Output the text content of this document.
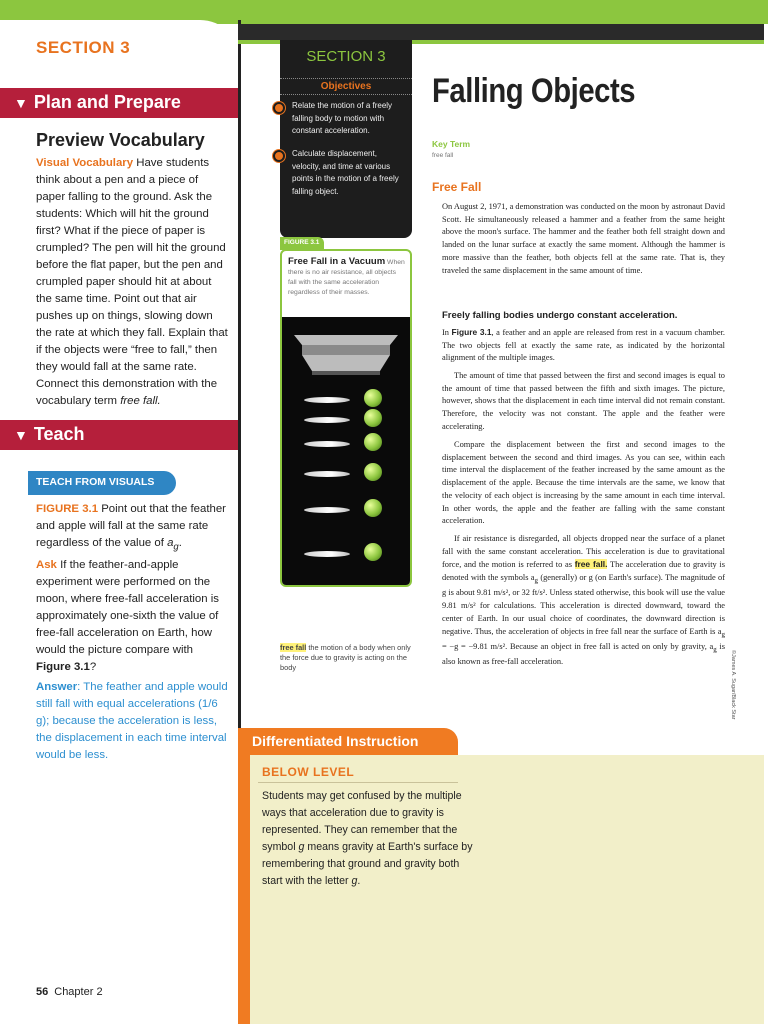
SECTION 3
▼ Plan and Prepare
Preview Vocabulary
Visual Vocabulary Have students think about a pen and a piece of paper falling to the ground. Ask the students: Which will hit the ground first? What if the piece of paper is crumpled? The pen will hit the ground before the flat paper, but the pen and crumpled paper should hit at about the same time. Point out that air pushes up on things, slowing down the rate at which they fall. Explain that if the objects were “free to fall,” then they would fall at the same rate. Connect this demonstration with the vocabulary term free fall.
▼ Teach
TEACH FROM VISUALS
FIGURE 3.1 Point out that the feather and apple will fall at the same rate regardless of the value of $a_g$.
Ask If the feather-and-apple experiment were performed on the moon, where free-fall acceleration is approximately one-sixth the value of free-fall acceleration on Earth, how would the picture compare with Figure 3.1?
Answer: The feather and apple would still fall with equal accelerations (1/6 g); because the acceleration is less, the displacement in each time interval would be less.
56 Chapter 2
SECTION 3
Objectives
Relate the motion of a freely falling body to motion with constant acceleration.
Calculate displacement, velocity, and time at various points in the motion of a freely falling object.
Falling Objects
Key Term
free fall
Free Fall
On August 2, 1971, a demonstration was conducted on the moon by astronaut David Scott. He simultaneously released a hammer and a feather from the same height above the moon's surface. The hammer and the feather both fell straight down and landed on the lunar surface at exactly the same moment. Although the hammer is more massive than the feather, both objects fell at the same rate. That is, they traveled the same displacement in the same amount of time.
Freely falling bodies undergo constant acceleration.
In Figure 3.1, a feather and an apple are released from rest in a vacuum chamber. The two objects fell at exactly the same rate, as indicated by the horizontal alignment of the multiple images.
The amount of time that passed between the first and second images is equal to the amount of time that passed between the fifth and sixth images. The picture, however, shows that the displacement in each time interval did not remain constant. Therefore, the velocity was not constant. The apple and the feather were accelerating.
Compare the displacement between the first and second images to the displacement between the second and third images. As you can see, within each time interval the displacement of the feather increased by the same amount as the displacement of the apple. Because the time intervals are the same, we know that the velocity of each object is increasing by the same amount in each time interval. In other words, the apple and the feather are falling with the same constant acceleration.
If air resistance is disregarded, all objects dropped near the surface of a planet fall with the same constant acceleration. This acceleration is due to gravitational force, and the motion is referred to as free fall. The acceleration due to gravity is denoted with the symbols $a_g$ (generally) or g (on Earth's surface). The magnitude of g is about 9.81 m/s², or 32 ft/s². Unless stated otherwise, this book will use the value 9.81 m/s² for calculations. This acceleration is directed downward, toward the center of Earth. In our usual choice of coordinates, the downward direction is negative. Thus, the acceleration of objects in free fall near the surface of Earth is $a_g = -g = -9.81$ m/s². Because an object in free fall is acted on only by gravity, $a_g$ is also known as free-fall acceleration.
FIGURE 3.1
Free Fall in a Vacuum When there is no air resistance, all objects fall with the same acceleration regardless of their masses.
free fall the motion of a body when only the force due to gravity is acting on the body	©James A. Sugar/Black Star
Differentiated Instruction
BELOW LEVEL
Students may get confused by the multiple ways that acceleration due to gravity is represented. They can remember that the symbol g means gravity at Earth's surface by remembering that ground and gravity both start with the letter g.
